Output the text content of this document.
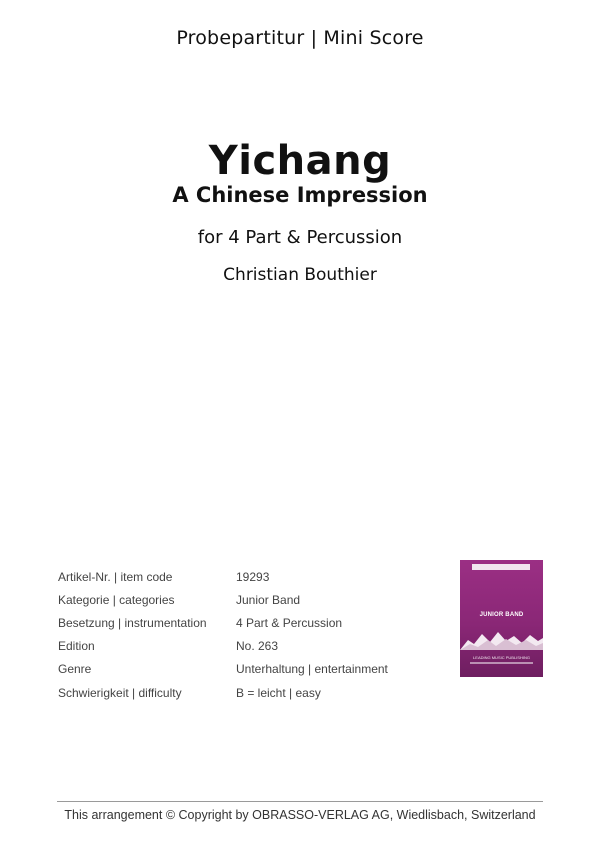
Probepartitur | Mini Score
Yichang
A Chinese Impression
for 4 Part & Percussion
Christian Bouthier
Artikel-Nr. | item code	19293
Kategorie | categories	Junior Band
Besetzung | instrumentation	4 Part & Percussion
Edition	No. 263
Genre	Unterhaltung | entertainment
Schwierigkeit | difficulty	B = leicht | easy
JUNIOR BAND
LEADING MUSIC PUBLISHING
This arrangement © Copyright by OBRASSO-VERLAG AG, Wiedlisbach, Switzerland
